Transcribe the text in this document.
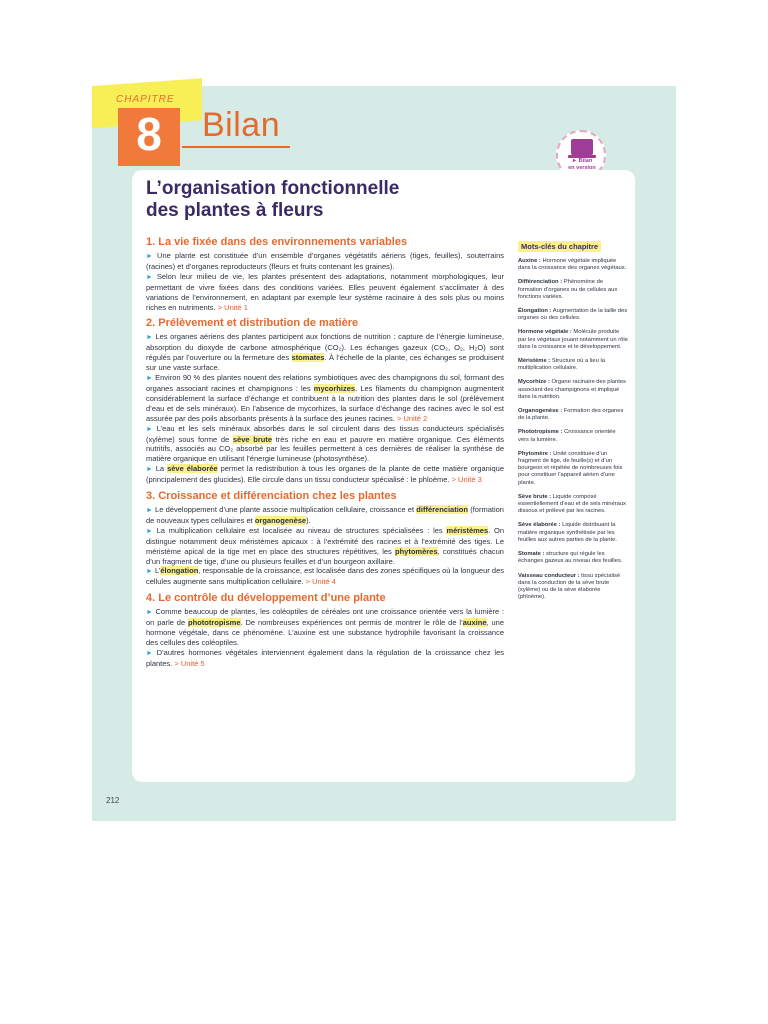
CHAPITRE
8	Bilan
► Bilan
en version
L’organisation fonctionnelle
des plantes à fleurs
1. La vie fixée dans des environnements variables
► Une plante est constituée d’un ensemble d’organes végétatifs aériens (tiges, feuilles), souterrains (racines) et d’organes reproducteurs (fleurs et fruits contenant les graines).
► Selon leur milieu de vie, les plantes présentent des adaptations, notamment morphologiques, leur permettant de vivre fixées dans des conditions variées. Elles peuvent également s’acclimater à des variations de l’environnement, en adaptant par exemple leur système racinaire à des sols plus ou moins riches en nutriments. > Unité 1
2. Prélèvement et distribution de matière
► Les organes aériens des plantes participent aux fonctions de nutrition : capture de l’énergie lumineuse, absorption du dioxyde de carbone atmosphérique (CO₂). Les échanges gazeux (CO₂, O₂, H₂O) sont régulés par l’ouverture ou la fermeture des stomates. À l’échelle de la plante, ces échanges se produisent sur une vaste surface.
► Environ 90 % des plantes nouent des relations symbiotiques avec des champignons du sol, formant des organes associant racines et champignons : les mycorhizes. Les filaments du champignon augmentent considérablement la surface d’échange et contribuent à la nutrition des plantes dans le sol (prélèvement d’eau et de sels minéraux). En l’absence de mycorhizes, la surface d’échange des racines avec le sol est assurée par des poils absorbants présents à la surface des jeunes racines. > Unité 2
► L’eau et les sels minéraux absorbés dans le sol circulent dans des tissus conducteurs spécialisés (xylème) sous forme de sève brute très riche en eau et pauvre en matière organique. Ces éléments nutritifs, associés au CO₂ absorbé par les feuilles permettent à ces dernières de réaliser la synthèse de matière organique en utilisant l’énergie lumineuse (photosynthèse).
► La sève élaborée permet la redistribution à tous les organes de la plante de cette matière organique (principalement des glucides). Elle circule dans un tissu conducteur spécialisé : le phloème. > Unité 3
3. Croissance et différenciation chez les plantes
► Le développement d’une plante associe multiplication cellulaire, croissance et différenciation (formation de nouveaux types cellulaires et organogenèse).
► La multiplication cellulaire est localisée au niveau de structures spécialisées : les méristèmes. On distingue notamment deux méristèmes apicaux : à l’extrémité des racines et à l’extrémité des tiges. Le méristème apical de la tige met en place des structures répétitives, les phytomères, constitués chacun d’un fragment de tige, d’une ou plusieurs feuilles et d’un bourgeon axillaire.
► L’élongation, responsable de la croissance, est localisée dans des zones spécifiques où la longueur des cellules augmente sans multiplication cellulaire. > Unité 4
4. Le contrôle du développement d’une plante
► Comme beaucoup de plantes, les coléoptiles de céréales ont une croissance orientée vers la lumière : on parle de phototropisme. De nombreuses expériences ont permis de montrer le rôle de l’auxine, une hormone végétale, dans ce phénomène. L’auxine est une substance hydrophile favorisant la croissance des cellules des coléoptiles.
► D’autres hormones végétales interviennent également dans la régulation de la croissance chez les plantes. > Unité 5
Mots-clés du chapitre
Auxine : Hormone végétale impliquée dans la croissance des organes végétaux.
Différenciation : Phénomène de formation d’organes ou de cellules aux fonctions variées.
Élongation : Augmentation de la taille des organes ou des cellules.
Hormone végétale : Molécule produite par les végétaux jouant notamment un rôle dans la croissance et le développement.
Méristème : Structure où a lieu la multiplication cellulaire.
Mycorhize : Organe racinaire des plantes associant des champignons et impliqué dans la nutrition.
Organogenèse : Formation des organes de la plante.
Phototropisme : Croissance orientée vers la lumière.
Phytomère : Unité constituée d’un fragment de tige, de feuille(s) et d’un bourgeon et répétée de nombreuses fois pour constituer l’appareil aérien d’une plante.
Sève brute : Liquide composé essentiellement d’eau et de sels minéraux dissous et prélevé par les racines.
Sève élaborée : Liquide distribuant la matière organique synthétisée par les feuilles aux autres parties de la plante.
Stomate : structure qui régule les échanges gazeux au niveau des feuilles.
Vaisseau conducteur : tissu spécialisé dans la conduction de la sève brute (xylème) ou de la sève élaborée (phloème).
212
